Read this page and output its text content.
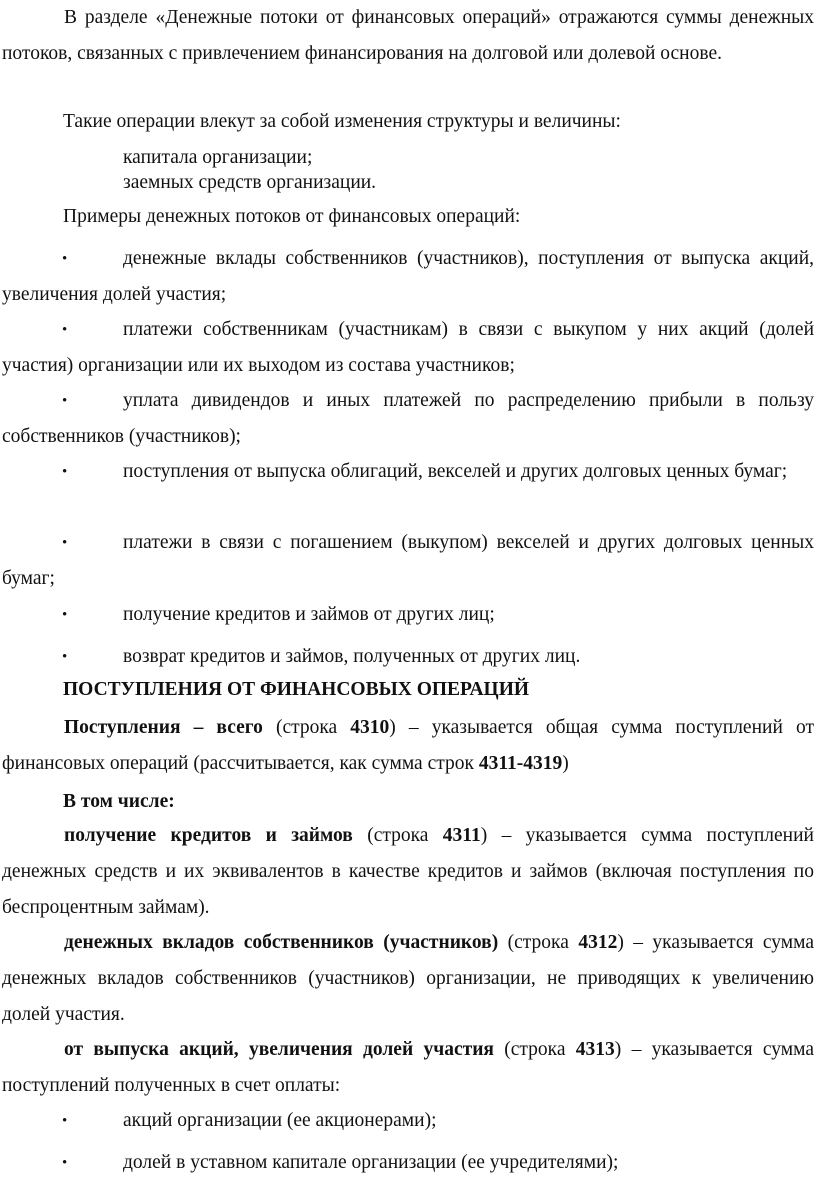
В разделе «Денежные потоки от финансовых операций» отражаются суммы денежных потоков, связанных с привлечением финансирования на долговой или долевой основе.
Такие операции влекут за собой изменения структуры и величины:
капитала организации;
заемных средств организации.
Примеры денежных потоков от финансовых операций:
•	денежные вклады собственников (участников), поступления от выпуска акций, увеличения долей участия;
•	платежи собственникам (участникам) в связи с выкупом у них акций (долей участия) организации или их выходом из состава участников;
•	уплата дивидендов и иных платежей по распределению прибыли в пользу собственников (участников);
•	поступления от выпуска облигаций, векселей и других долговых ценных бумаг;
•	платежи в связи с погашением (выкупом) векселей и других долговых ценных бумаг;
•	получение кредитов и займов от других лиц;
•	возврат кредитов и займов, полученных от других лиц.
ПОСТУПЛЕНИЯ ОТ ФИНАНСОВЫХ ОПЕРАЦИЙ
Поступления – всего (строка 4310) – указывается общая сумма поступлений от финансовых операций (рассчитывается, как сумма строк 4311-4319)
В том числе:
получение кредитов и займов (строка 4311) – указывается сумма поступлений денежных средств и их эквивалентов в качестве кредитов и займов (включая поступления по беспроцентным займам).
денежных вкладов собственников (участников) (строка 4312) – указывается сумма денежных вкладов собственников (участников) организации, не приводящих к увеличению долей участия.
от выпуска акций, увеличения долей участия (строка 4313) – указывается сумма поступлений полученных в счет оплаты:
•	акций организации (ее акционерами);
•	долей в уставном капитале организации (ее учредителями);
